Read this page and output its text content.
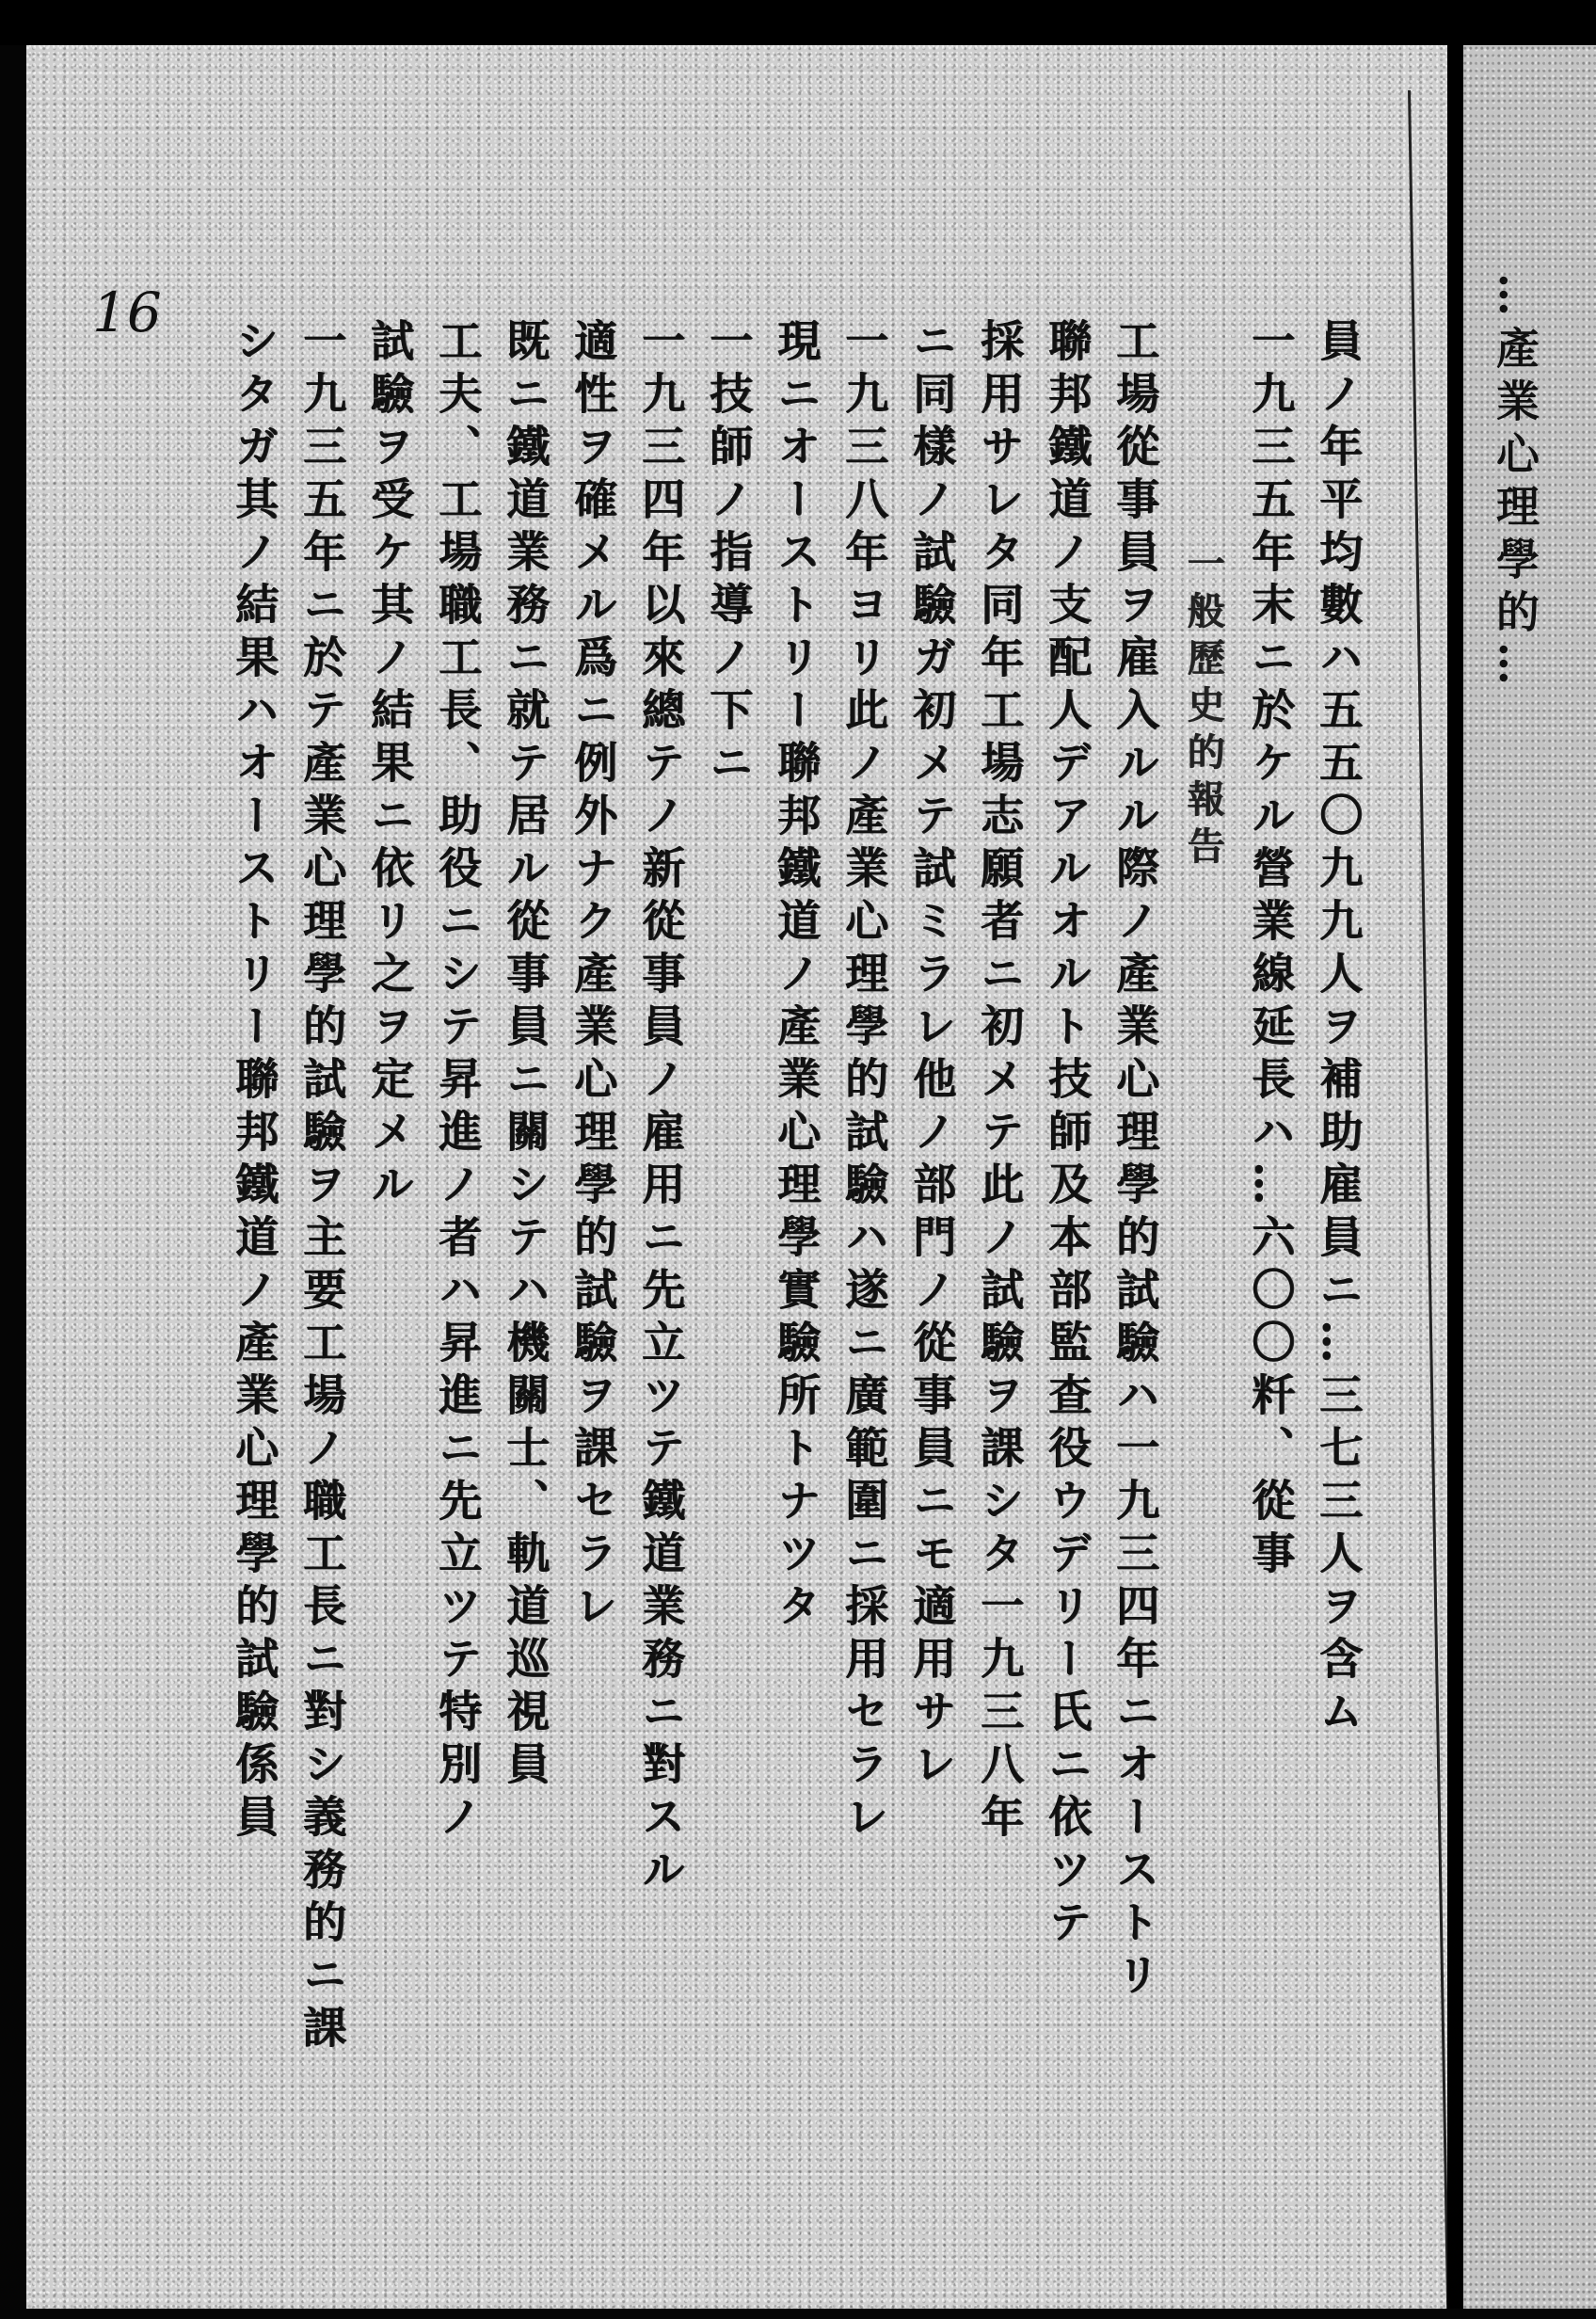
16
員ノ年平均數ハ五五〇九九人ヲ補助雇員ニ…三七三人ヲ含ム
一九三五年末ニ於ケル營業線延長ハ…六〇〇粁、從事
一般歷史的報告
工場從事員ヲ雇入ルル際ノ產業心理學的試驗ハ一九三四年ニオーストリ
聯邦鐵道ノ支配人デアルオルト技師及本部監查役ウデリー氏ニ依ツテ
採用サレタ同年工場志願者ニ初メテ此ノ試驗ヲ課シタ一九三八年
ニ同樣ノ試驗ガ初メテ試ミラレ他ノ部門ノ從事員ニモ適用サレ
一九三八年ヨリ此ノ產業心理學的試驗ハ遂ニ廣範圍ニ採用セラレ
現ニオーストリー聯邦鐵道ノ產業心理學實驗所トナツタ
一技師ノ指導ノ下ニ
一九三四年以來總テノ新從事員ノ雇用ニ先立ツテ鐵道業務ニ對スル
適性ヲ確メル爲ニ例外ナク產業心理學的試驗ヲ課セラレ
既ニ鐵道業務ニ就テ居ル從事員ニ關シテハ機關士、軌道巡視員
工夫、工場職工長、助役ニシテ昇進ノ者ハ昇進ニ先立ツテ特別ノ
試驗ヲ受ケ其ノ結果ニ依リ之ヲ定メル
一九三五年ニ於テ產業心理學的試驗ヲ主要工場ノ職工長ニ對シ義務的ニ課
シタガ其ノ結果ハオーストリー聯邦鐵道ノ產業心理學的試驗係員	…產業心理學的…
